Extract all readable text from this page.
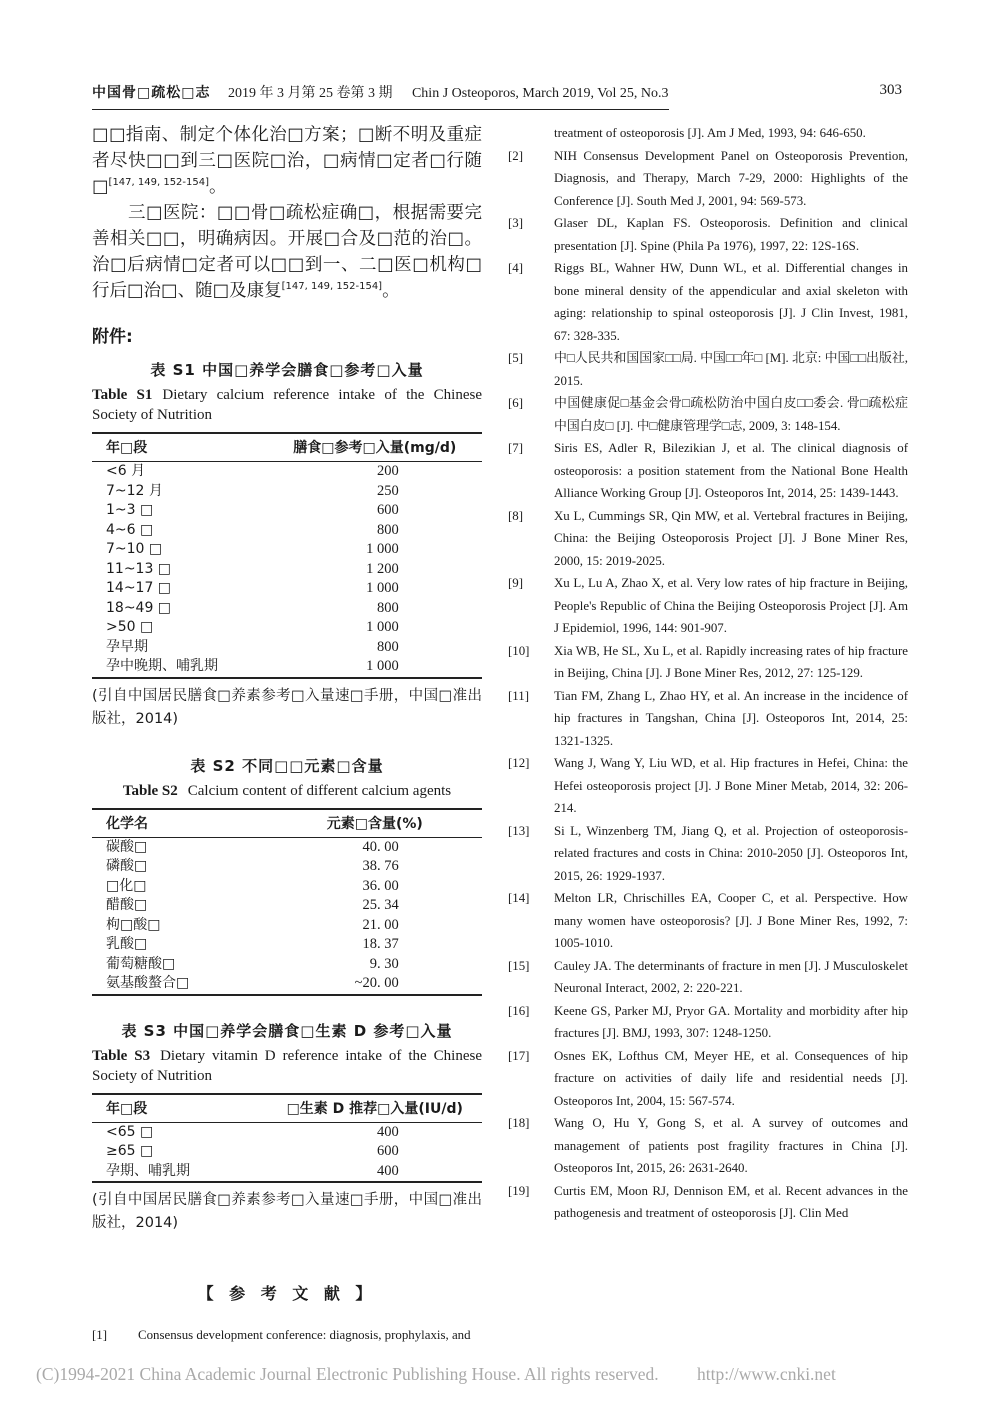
中国骨□疏松□志 2019 年 3 月第 25 卷第 3 期 Chin J Osteoporos, March 2019, Vol 25, No.3	303
□□指南、制定个体化治□方案；□断不明及重症者尽快□□到三□医院□治，□病情□定者□行随□[147, 149, 152-154]。
三□医院：□□骨□疏松症确□，根据需要完善相关□□，明确病因。开展□合及□范的治□。治□后病情□定者可以□□到一、二□医□机构□行后□治□、随□及康复[147, 149, 152-154]。
附件:
表 S1 中国□养学会膳食□参考□入量
Table S1 Dietary calcium reference intake of the Chinese Society of Nutrition
年□段	膳食□参考□入量(mg/d)
<6 月	200
7~12 月	250
1~3 □	600
4~6 □	800
7~10 □	1 000
11~13 □	1 200
14~17 □	1 000
18~49 □	800
>50 □	1 000
孕早期	800
孕中晚期、哺乳期	1 000
(引自中国居民膳食□养素参考□入量速□手册，中国□准出版社，2014)
表 S2 不同□□元素□含量
Table S2 Calcium content of different calcium agents
化学名	元素□含量(%)
碳酸□	40. 00
磷酸□	38. 76
□化□	36. 00
醋酸□	25. 34
枸□酸□	21. 00
乳酸□	18. 37
葡萄糖酸□	9. 30
氨基酸螯合□	~20. 00
表 S3 中国□养学会膳食□生素 D 参考□入量
Table S3 Dietary vitamin D reference intake of the Chinese Society of Nutrition
年□段	□生素 D 推荐□入量(IU/d)
<65 □	400
≥65 □	600
孕期、哺乳期	400
(引自中国居民膳食□养素参考□入量速□手册，中国□准出版社，2014)
【 参 考 文 献 】
[1] Consensus development conference: diagnosis, prophylaxis, and
treatment of osteoporosis [J]. Am J Med, 1993, 94: 646-650.
[2] NIH Consensus Development Panel on Osteoporosis Prevention, Diagnosis, and Therapy, March 7-29, 2000: Highlights of the Conference [J]. South Med J, 2001, 94: 569-573.
[3] Glaser DL, Kaplan FS. Osteoporosis. Definition and clinical presentation [J]. Spine (Phila Pa 1976), 1997, 22: 12S-16S.
[4] Riggs BL, Wahner HW, Dunn WL, et al. Differential changes in bone mineral density of the appendicular and axial skeleton with aging: relationship to spinal osteoporosis [J]. J Clin Invest, 1981, 67: 328-335.
[5] 中□人民共和国国家□□局. 中国□□年□ [M]. 北京: 中国□□出版社, 2015.
[6] 中国健康促□基金会骨□疏松防治中国白皮□□委会. 骨□疏松症中国白皮□ [J]. 中□健康管理学□志, 2009, 3: 148-154.
[7] Siris ES, Adler R, Bilezikian J, et al. The clinical diagnosis of osteoporosis: a position statement from the National Bone Health Alliance Working Group [J]. Osteoporos Int, 2014, 25: 1439-1443.
[8] Xu L, Cummings SR, Qin MW, et al. Vertebral fractures in Beijing, China: the Beijing Osteoporosis Project [J]. J Bone Miner Res, 2000, 15: 2019-2025.
[9] Xu L, Lu A, Zhao X, et al. Very low rates of hip fracture in Beijing, People's Republic of China the Beijing Osteoporosis Project [J]. Am J Epidemiol, 1996, 144: 901-907.
[10] Xia WB, He SL, Xu L, et al. Rapidly increasing rates of hip fracture in Beijing, China [J]. J Bone Miner Res, 2012, 27: 125-129.
[11] Tian FM, Zhang L, Zhao HY, et al. An increase in the incidence of hip fractures in Tangshan, China [J]. Osteoporos Int, 2014, 25: 1321-1325.
[12] Wang J, Wang Y, Liu WD, et al. Hip fractures in Hefei, China: the Hefei osteoporosis project [J]. J Bone Miner Metab, 2014, 32: 206-214.
[13] Si L, Winzenberg TM, Jiang Q, et al. Projection of osteoporosis-related fractures and costs in China: 2010-2050 [J]. Osteoporos Int, 2015, 26: 1929-1937.
[14] Melton LR, Chrischilles EA, Cooper C, et al. Perspective. How many women have osteoporosis? [J]. J Bone Miner Res, 1992, 7: 1005-1010.
[15] Cauley JA. The determinants of fracture in men [J]. J Musculoskelet Neuronal Interact, 2002, 2: 220-221.
[16] Keene GS, Parker MJ, Pryor GA. Mortality and morbidity after hip fractures [J]. BMJ, 1993, 307: 1248-1250.
[17] Osnes EK, Lofthus CM, Meyer HE, et al. Consequences of hip fracture on activities of daily life and residential needs [J]. Osteoporos Int, 2004, 15: 567-574.
[18] Wang O, Hu Y, Gong S, et al. A survey of outcomes and management of patients post fragility fractures in China [J]. Osteoporos Int, 2015, 26: 2631-2640.
[19] Curtis EM, Moon RJ, Dennison EM, et al. Recent advances in the pathogenesis and treatment of osteoporosis [J]. Clin Med
(C)1994-2021 China Academic Journal Electronic Publishing House. All rights reserved. http://www.cnki.net
